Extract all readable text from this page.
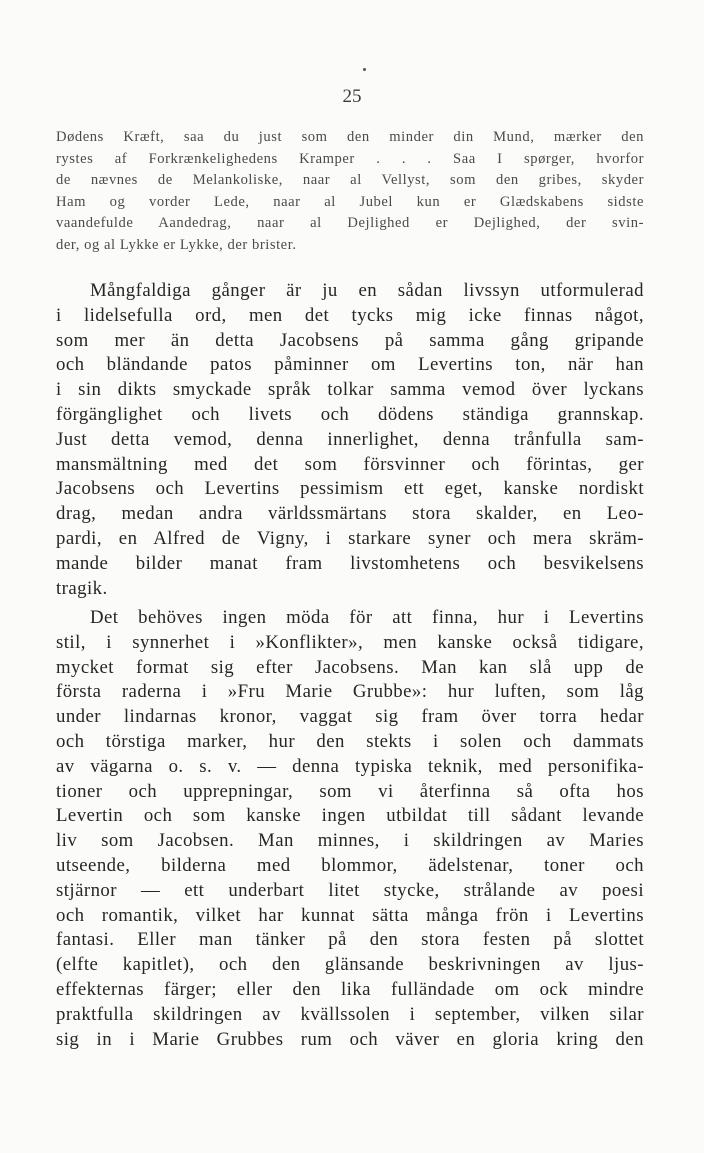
25
Dødens Kræft, saa du just som den minder din Mund, mærker den
rystes af Forkrænkelighedens Kramper . . . Saa I spørger, hvorfor
de nævnes de Melankoliske, naar al Vellyst, som den gribes, skyder
Ham og vorder Lede, naar al Jubel kun er Glædskabens sidste
vaandefulde Aandedrag, naar al Dejlighed er Dejlighed, der svin-
der, og al Lykke er Lykke, der brister.
Mångfaldiga gånger är ju en sådan livssyn utformulerad
i lidelsefulla ord, men det tycks mig icke finnas något,
som mer än detta Jacobsens på samma gång gripande
och bländande patos påminner om Levertins ton, när han
i sin dikts smyckade språk tolkar samma vemod över lyckans
förgänglighet och livets och dödens ständiga grannskap.
Just detta vemod, denna innerlighet, denna trånfulla sam-
mansmältning med det som försvinner och förintas, ger
Jacobsens och Levertins pessimism ett eget, kanske nordiskt
drag, medan andra världssmärtans stora skalder, en Leo-
pardi, en Alfred de Vigny, i starkare syner och mera skräm-
mande bilder manat fram livstomhetens och besvikelsens
tragik.
Det behöves ingen möda för att finna, hur i Levertins
stil, i synnerhet i »Konflikter», men kanske också tidigare,
mycket format sig efter Jacobsens. Man kan slå upp de
första raderna i »Fru Marie Grubbe»: hur luften, som låg
under lindarnas kronor, vaggat sig fram över torra hedar
och törstiga marker, hur den stekts i solen och dammats
av vägarna o. s. v. — denna typiska teknik, med personifika-
tioner och upprepningar, som vi återfinna så ofta hos
Levertin och som kanske ingen utbildat till sådant levande
liv som Jacobsen. Man minnes, i skildringen av Maries
utseende, bilderna med blommor, ädelstenar, toner och
stjärnor — ett underbart litet stycke, strålande av poesi
och romantik, vilket har kunnat sätta många frön i Levertins
fantasi. Eller man tänker på den stora festen på slottet
(elfte kapitlet), och den glänsande beskrivningen av ljus-
effekternas färger; eller den lika fulländade om ock mindre
praktfulla skildringen av kvällssolen i september, vilken silar
sig in i Marie Grubbes rum och väver en gloria kring den
